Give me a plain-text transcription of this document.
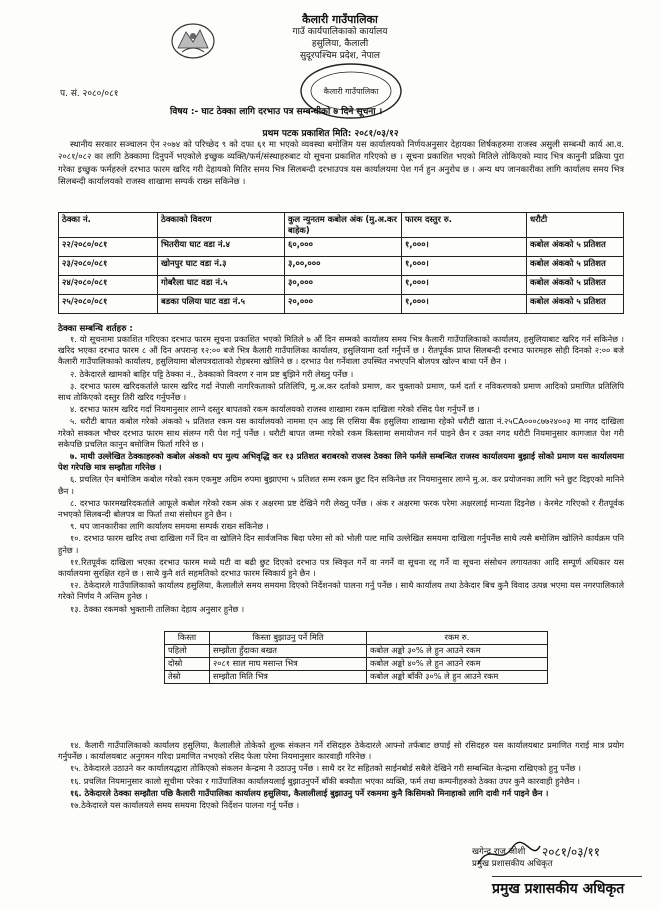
कैलारी गाउँपालिका
गाउँ कार्यपालिकाको कार्यालय
हसुलिया, कैलाली
सुदूरपश्चिम प्रदेश, नेपाल
कैलारी गाउँपालिका
प. सं. २०८०/०८१
विषय :- घाट ठेक्का लागि दरभाउ पत्र सम्बन्धीको ७ दिने सूचना ।
प्रथम पटक प्रकाशित मिति: २०८१/०३/१२
स्थानीय सरकार सञ्चालन ऐन २०७४ को परिच्छेद ९ को दफा ६१ मा भएको व्यवस्था बमोजिम यस कार्यालयको निर्णयअनुसार देहायका शिर्षकहरुमा राजस्व असुली सम्बन्धी कार्य आ.व. २०८१/०८२ का लागि ठेक्कामा दिनुपर्ने भएकोले इच्छुक व्यक्ति/फर्म/संस्थाहरुबाट यो सूचना प्रकाशित गरिएको छ । सूचना प्रकाशित भएको मितिले तोकिएको म्याद भित्र कानुनी प्रक्रिया पुरा गरेका इच्छुक फर्महरुले दरभाउ फारम खरिद गरी देहायको मितिर समय भित्र सिलबन्दी दरभाउपत्र यस कार्यालयमा पेश गर्न हुन अनुरोध छ । अन्य थप जानकारीका लागि कार्यालय समय भित्र सिलबन्दी कार्यालयको राजस्व शाखामा सम्पर्क राख्न सकिनेछ ।
ठेक्का नं.	ठेक्काको विवरण	कुल न्युनतम कबोल अंक (मु.अ.कर बाहेक)	फारम दस्तुर रु.	धरौटी
२२/२०८०/०८१	भितरीया घाट वडा नं.४	६०,०००	१,०००।	कबोल अंकको ५ प्रतिशत
२३/२०८०/०८१	खोनपुर घाट वडा नं.३	३,००,०००	१,०००।	कबोल अंकको ५ प्रतिशत
२४/२०८०/०८१	गोबरैला घाट वडा नं.५	३०,०००	१,०००।	कबोल अंकको ५ प्रतिशत
२५/२०८०/०८१	बडका पलिया घाट वडा नं.५	२०,०००	१,०००।	कबोल अंकको ५ प्रतिशत
ठेक्का सम्बन्धि शर्तहरु :

१. यो सूचनामा प्रकाशित गरिएका दरभाउ फारम सूचना प्रकाशित भएको मितिले ७ औं दिन सम्मको कार्यालय समय भित्र कैलारी गाउँपालिकाको कार्यालय, हसुलियाबाट खरिद गर्न सकिनेछ । खरिद भएका दरभाउ फारम ८ औं दिन अपरान्ह १२:०० बजे भित्र कैलारी गाउँपालिका कार्यालय, हसुलियामा दर्ता गर्नुपर्ने छ । रीतपूर्वक प्राप्त सिलबन्दी दरभाउ फारमहरु सोही दिनको २:०० बजे कैलारी गाउँपालिकाको कार्यालय, हसुलियामा बोलपत्रदाताको रोहबरमा खोलिने छ । दरभाउ पेश गर्नेवाला उपस्थित नभएपनि बोलपत्र खोल्न बाधा पर्ने छैन ।

२. ठेकेदारले खामको बाहिर पट्टि ठेक्का नं., ठेक्काको विवरण र नाम प्रष्ट बुझिने गरी लेख्नु पर्नेछ ।

३. दरभाउ फारम खरिदकर्ताले फारम खरिद गर्दा नेपाली नागरिकताको प्रतिलिपि, मु.अ.कर दर्ताको प्रमाण, कर चुक्ताको प्रमाण, फर्म दर्ता र नविकरणको प्रमाण आदिको प्रमाणित प्रतिलिपि साथ तोकिएको दस्तुर तिरी खरिद गर्नुपर्नेछ ।

४. दरभाउ फारम खरिद गर्दा नियमानुसार लाग्ने दस्तुर बापतको रकम कार्यालयको राजस्व शाखामा रकम दाखिला गरेको रसिद पेश गर्नुपर्ने छ ।

५. धरौटी बापत कबोल गरेको अंकको ५ प्रतिशत रकम यस कार्यालयको नाममा एन आइ सि एसिया बैंक हसुलिया शाखामा रहेको धरौटी खाता नं.२५CA०००८७७२४००३ मा नगद दाखिला गरेको सक्कल भौचर दरभाउ फारम साथ संलग्न गरी पेश गर्नु पर्नेछ । धरौटी बापत जम्मा गरेको रकम किस्तामा समायोजन गर्न पाइने छैन र उक्त नगद धरौटी नियमानुसार कागजात पेश गरी सकेपछि प्रचलित कानुन बमोजिम फिर्ता गरिने छ ।

७. माथी उल्लेखित ठेक्काहरुको कबोल अंकको थप मुल्य अभिवृद्धि कर १३ प्रतिशत बराबरको राजस्व ठेक्का लिने फर्मले सम्बन्धित राजस्व कार्यालयमा बुझाई सोको प्रमाण यस कार्यालयमा पेश गरेपछि मात्र सम्झौता गरिनेछ ।

६. प्रचलित ऐन बमोजिम कबोल गरेको रकम एकमुष्ट अग्रिम रुपमा बुझाएमा ५ प्रतिशत सम्म रकम छुट दिन सकिनेछ तर नियमानुसार लाग्ने मु.अ. कर प्रयोजनका लागि भने छुट दिइएको मानिने छैन ।

८. दरभाउ फारमखरिदकर्ताले आफूले कबोल गरेको रकम अंक र अक्षरमा प्रष्ट देखिने गरी लेख्नु पर्नेछ । अंक र अक्षरमा फरक परेमा अक्षरलाई मान्यता दिइनेछ । केरमेट गरिएको र रीतपूर्वक नभएको सिलबन्दी बोलपत्र वा फिर्ता तथा संसोधन हुने छैन ।

९. थप जानकारीका लागि कार्यालय समयमा सम्पर्क राख्न सकिनेछ ।

१०. दरभाउ फारम खरिद तथा दाखिला गर्ने दिन वा खोलिने दिन सार्वजनिक बिदा परेमा सो को भोली पल्ट माथि उल्लेखित समयमा दाखिला गर्नुपर्नेछ साथै त्यसै बमोजिम खोलिने कार्यक्रम पनि हुनेछ ।

११.रितपूर्वक दाखिला भएका दरभाउ फारम मध्ये घटी वा बढी छुट दिएको दरभाउ पत्र स्विकृत गर्ने वा नगर्ने वा सूचना रद्द गर्ने वा सूचना संसोधन लगायतका आदि सम्पूर्ण अधिकार यस कार्यालयमा सुरक्षित रहने छ । साथै कुनै शर्त सहमतिको दरभाउ फारम स्विकार्य हुने छैन ।

१२. ठेकेदारले गाउँपालिकाको कार्यालय हसुलिया, कैलालीले समय समयमा दिएको निर्देशनको पालना गर्नु पर्नेछ । साथै कार्यालय तथा ठेकेदार बिच कुनै विवाद उत्पन्न भएमा यस नगरपालिकाले गरेको निर्णय नै अन्तिम हुनेछ ।

१३. ठेक्का रकमको भुक्तानी तालिका देहाय अनुसार हुनेछ ।

किस्ता	किस्ता बुझाउनु पर्ने मिति	रकम रु.
पहिलो	सम्झौता हुँदाका बखत	कबोल अङ्को ३०% ले हुन आउने रकम
दोस्रो	२०८१ साल माघ मसान्त भित्र	कबोल अङ्को ४०% ले हुन आउने रकम
तेस्रो	सम्झौता मिति भित्र	कबोल अङ्को बाँकी ३०% ले हुन आउने रकम

१४. कैलारी गाउँपालिकाको कार्यालय हसुलिया, कैलालीले तोकेको शुल्क संकलन गर्ने रसिदहरु ठेकेदारले आफ्नो तर्फबाट छपाई सो रसिदहरु यस कार्यालयबाट प्रमाणित गराई मात्र प्रयोग गर्नुपर्नेछ । कार्यालयबाट अनुगमन गरिदा प्रमाणित नभएको रसिद फेला परेमा नियमानुसार कारवाही गरिनेछ ।

१५. ठेकेदारले उठाउने कर कार्यालयद्धारा तोकिएको संकलन केन्द्रमा नै उठाउनु पर्नेछ । साथै दर रेट सहितको साईनबोर्ड सबैले देखिने गरी सम्बन्धित केन्द्रमा राखिएको हुनु पर्नेछ ।

१६. प्रचलित नियमानुसार कालो सूचीमा परेका र गाउँपालिका कार्यालयलाई बुझाउनुपर्ने बाँकी बक्यौता भएका व्यक्ति, फर्म तथा कम्पनीहरुको ठेक्का उपर कुनै कारवाही हुनेछैन ।

१६. ठेकेदारले ठेक्का सम्झौता पछि कैलारी गाउँपालिका कार्यालय हसुलिया, कैलालीलाई बुझाउनु पर्ने रकममा कुनै किसिमको मिनाहाको लागि दावी गर्न पाइने छैन ।

१७.ठेकेदारले यस कार्यालयले समय समयमा दिएको निर्देशन पालना गर्नु पर्नेछ ।

२०८१/०३/११
खगेन्द्र राज जोशी
प्रमुख प्रशासकीय अधिकृत
प्रमुख प्रशासकीय अधिकृत
